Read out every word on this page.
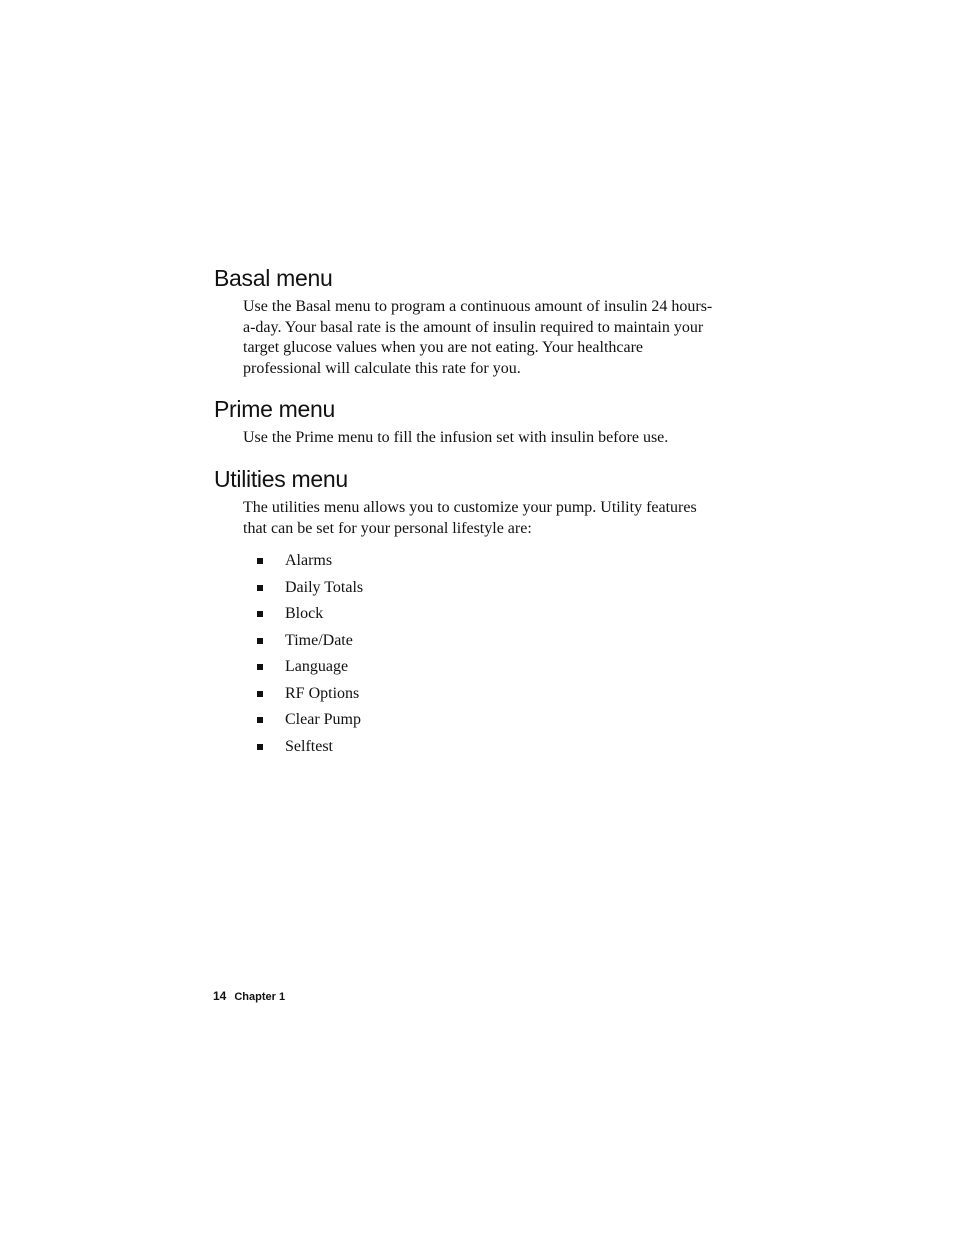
Basal menu

Use the Basal menu to program a continuous amount of insulin 24 hours-a-day. Your basal rate is the amount of insulin required to maintain your target glucose values when you are not eating. Your healthcare professional will calculate this rate for you.

Prime menu

Use the Prime menu to fill the infusion set with insulin before use.

Utilities menu

The utilities menu allows you to customize your pump. Utility features that can be set for your personal lifestyle are:

Alarms
Daily Totals
Block
Time/Date
Language
RF Options
Clear Pump
Selftest
14 Chapter 1
